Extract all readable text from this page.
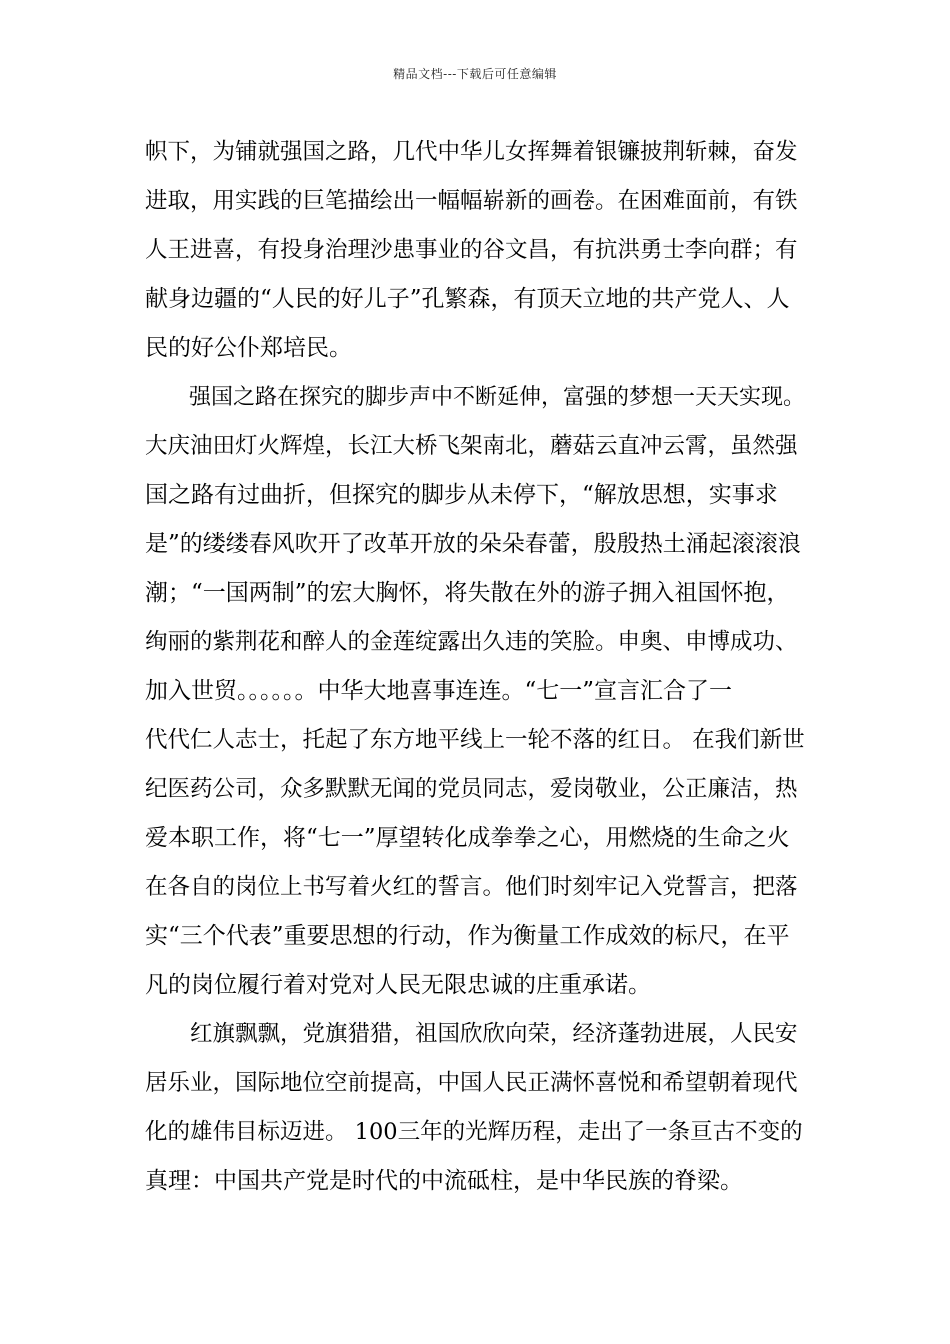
精品文档---下载后可任意编辑
帜下，为铺就强国之路，几代中华儿女挥舞着银镰披荆斩棘，奋发
进取，用实践的巨笔描绘出一幅幅崭新的画卷。在困难面前，有铁
人王进喜，有投身治理沙患事业的谷文昌，有抗洪勇士李向群；有
献身边疆的“人民的好儿子”孔繁森，有顶天立地的共产党人、人
民的好公仆郑培民。
　　强国之路在探究的脚步声中不断延伸，富强的梦想一天天实现。
大庆油田灯火辉煌，长江大桥飞架南北，蘑菇云直冲云霄，虽然强
国之路有过曲折，但探究的脚步从未停下，“解放思想，实事求
是”的缕缕春风吹开了改革开放的朵朵春蕾，殷殷热土涌起滚滚浪
潮；“一国两制”的宏大胸怀，将失散在外的游子拥入祖国怀抱，
绚丽的紫荆花和醉人的金莲绽露出久违的笑脸。申奥、申博成功、
加入世贸。。。。。。中华大地喜事连连。“七一”宣言汇合了一
代代仁人志士，托起了东方地平线上一轮不落的红日。 在我们新世
纪医药公司，众多默默无闻的党员同志，爱岗敬业，公正廉洁，热
爱本职工作，将“七一”厚望转化成拳拳之心，用燃烧的生命之火
在各自的岗位上书写着火红的誓言。他们时刻牢记入党誓言，把落
实“三个代表”重要思想的行动，作为衡量工作成效的标尺，在平
凡的岗位履行着对党对人民无限忠诚的庄重承诺。
　　红旗飘飘，党旗猎猎，祖国欣欣向荣，经济蓬勃进展，人民安
居乐业，国际地位空前提高，中国人民正满怀喜悦和希望朝着现代
化的雄伟目标迈进。 100三年的光辉历程，走出了一条亘古不变的
真理：中国共产党是时代的中流砥柱，是中华民族的脊梁。
